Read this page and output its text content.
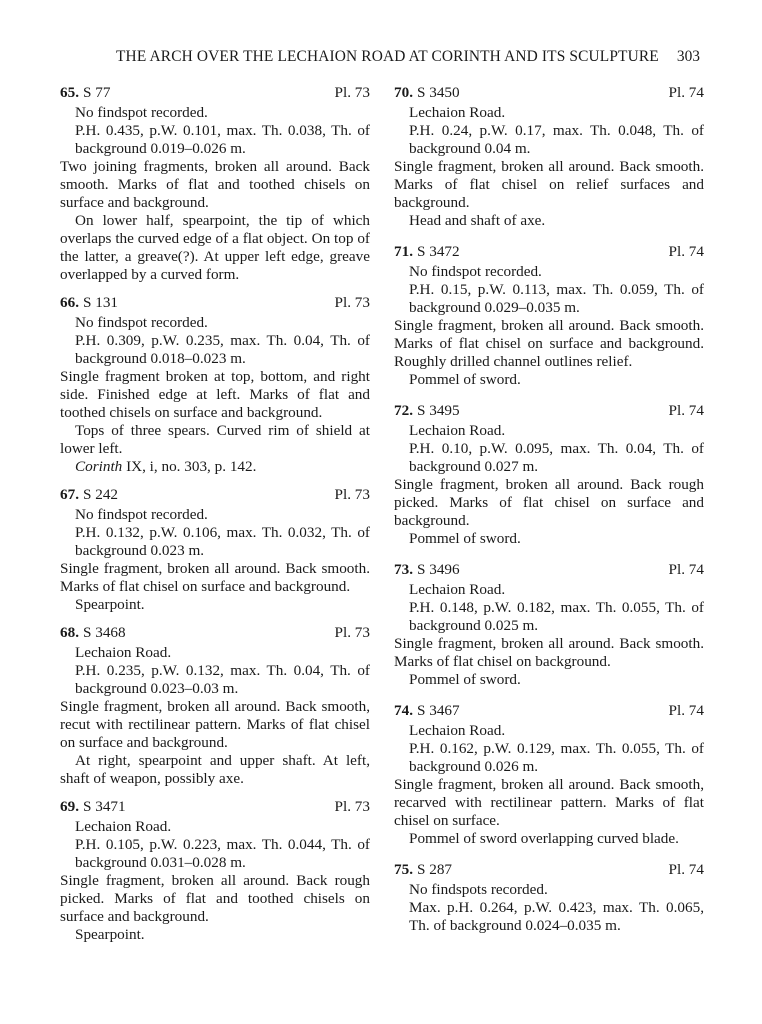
THE ARCH OVER THE LECHAION ROAD AT CORINTH AND ITS SCULPTURE 303
65. S 77	Pl. 73

No findspot recorded.

P.H. 0.435, p.W. 0.101, max. Th. 0.038, Th. of background 0.019–0.026 m.

Two joining fragments, broken all around. Back smooth. Marks of flat and toothed chisels on surface and background.

On lower half, spearpoint, the tip of which overlaps the curved edge of a flat object. On top of the latter, a greave(?). At upper left edge, greave overlapped by a curved form.

66. S 131	Pl. 73

No findspot recorded.

P.H. 0.309, p.W. 0.235, max. Th. 0.04, Th. of background 0.018–0.023 m.

Single fragment broken at top, bottom, and right side. Finished edge at left. Marks of flat and toothed chisels on surface and background.

Tops of three spears. Curved rim of shield at lower left.

Corinth IX, i, no. 303, p. 142.

67. S 242	Pl. 73

No findspot recorded.

P.H. 0.132, p.W. 0.106, max. Th. 0.032, Th. of background 0.023 m.

Single fragment, broken all around. Back smooth. Marks of flat chisel on surface and background.

Spearpoint.

68. S 3468	Pl. 73

Lechaion Road.

P.H. 0.235, p.W. 0.132, max. Th. 0.04, Th. of background 0.023–0.03 m.

Single fragment, broken all around. Back smooth, recut with rectilinear pattern. Marks of flat chisel on surface and background.

At right, spearpoint and upper shaft. At left, shaft of weapon, possibly axe.

69. S 3471	Pl. 73

Lechaion Road.

P.H. 0.105, p.W. 0.223, max. Th. 0.044, Th. of background 0.031–0.028 m.

Single fragment, broken all around. Back rough picked. Marks of flat and toothed chisels on surface and background.

Spearpoint.

70. S 3450	Pl. 74

Lechaion Road.

P.H. 0.24, p.W. 0.17, max. Th. 0.048, Th. of background 0.04 m.

Single fragment, broken all around. Back smooth. Marks of flat chisel on relief surfaces and background.

Head and shaft of axe.

71. S 3472	Pl. 74

No findspot recorded.

P.H. 0.15, p.W. 0.113, max. Th. 0.059, Th. of background 0.029–0.035 m.

Single fragment, broken all around. Back smooth. Marks of flat chisel on surface and background. Roughly drilled channel outlines relief.

Pommel of sword.

72. S 3495	Pl. 74

Lechaion Road.

P.H. 0.10, p.W. 0.095, max. Th. 0.04, Th. of background 0.027 m.

Single fragment, broken all around. Back rough picked. Marks of flat chisel on surface and background.

Pommel of sword.

73. S 3496	Pl. 74

Lechaion Road.

P.H. 0.148, p.W. 0.182, max. Th. 0.055, Th. of background 0.025 m.

Single fragment, broken all around. Back smooth. Marks of flat chisel on background.

Pommel of sword.

74. S 3467	Pl. 74

Lechaion Road.

P.H. 0.162, p.W. 0.129, max. Th. 0.055, Th. of background 0.026 m.

Single fragment, broken all around. Back smooth, recarved with rectilinear pattern. Marks of flat chisel on surface.

Pommel of sword overlapping curved blade.

75. S 287	Pl. 74

No findspots recorded.

Max. p.H. 0.264, p.W. 0.423, max. Th. 0.065, Th. of background 0.024–0.035 m.
